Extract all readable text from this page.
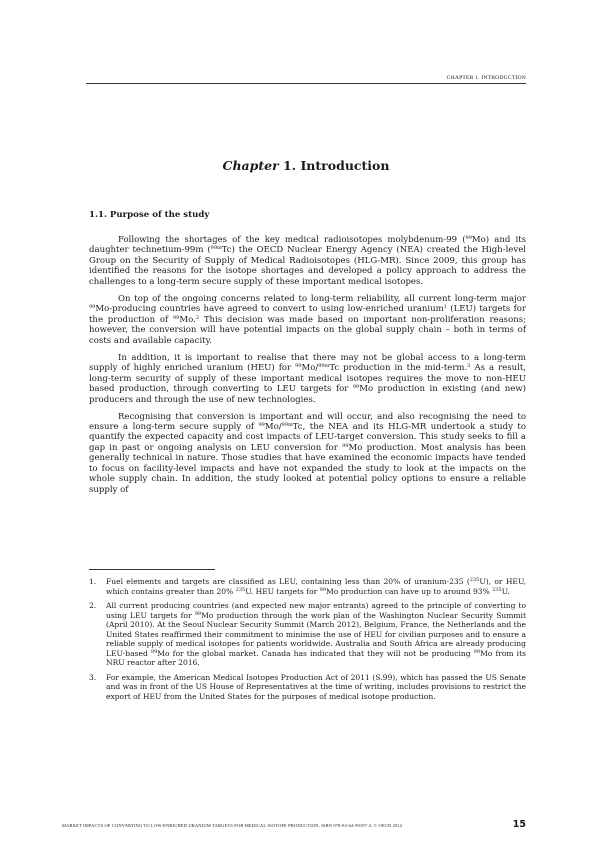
CHAPTER 1. INTRODUCTION
Chapter 1. Introduction
1.1. Purpose of the study

Following the shortages of the key medical radioisotopes molybdenum-99 ($^{99}$Mo) and its daughter technetium-99m ($^{99m}$Tc) the OECD Nuclear Energy Agency (NEA) created the High-level Group on the Security of Supply of Medical Radioisotopes (HLG-MR). Since 2009, this group has identified the reasons for the isotope shortages and developed a policy approach to address the challenges to a long-term secure supply of these important medical isotopes.

On top of the ongoing concerns related to long-term reliability, all current long-term major $^{99}$Mo-producing countries have agreed to convert to using low-enriched uranium$^1$ (LEU) targets for the production of $^{99}$Mo.$^2$ This decision was made based on important non-proliferation reasons; however, the conversion will have potential impacts on the global supply chain – both in terms of costs and available capacity.

In addition, it is important to realise that there may not be global access to a long-term supply of highly enriched uranium (HEU) for $^{99}$Mo/$^{99m}$Tc production in the mid-term.$^3$ As a result, long-term security of supply of these important medical isotopes requires the move to non-HEU based production, through converting to LEU targets for $^{99}$Mo production in existing (and new) producers and through the use of new technologies.

Recognising that conversion is important and will occur, and also recognising the need to ensure a long-term secure supply of $^{99}$Mo/$^{99m}$Tc, the NEA and its HLG-MR undertook a study to quantify the expected capacity and cost impacts of LEU-target conversion. This study seeks to fill a gap in past or ongoing analysis on LEU conversion for $^{99}$Mo production. Most analysis has been generally technical in nature. Those studies that have examined the economic impacts have tended to focus on facility-level impacts and have not expanded the study to look at the impacts on the whole supply chain. In addition, the study looked at potential policy options to ensure a reliable supply of

1.	Fuel elements and targets are classified as LEU, containing less than 20% of uranium-235 ($^{235}$U), or HEU, which contains greater than 20% $^{235}$U. HEU targets for $^{99}$Mo production can have up to around 93% $^{235}$U.
2.	All current producing countries (and expected new major entrants) agreed to the principle of converting to using LEU targets for $^{99}$Mo production through the work plan of the Washington Nuclear Security Summit (April 2010). At the Seoul Nuclear Security Summit (March 2012), Belgium, France, the Netherlands and the United States reaffirmed their commitment to minimise the use of HEU for civilian purposes and to ensure a reliable supply of medical isotopes for patients worldwide. Australia and South Africa are already producing LEU-based $^{99}$Mo for the global market. Canada has indicated that they will not be producing $^{99}$Mo from its NRU reactor after 2016.
3.	For example, the American Medical Isotopes Production Act of 2011 (S.99), which has passed the US Senate and was in front of the US House of Representatives at the time of writing, includes provisions to restrict the export of HEU from the United States for the purposes of medical isotope production.
MARKET IMPACTS OF CONVERTING TO LOW-ENRICHED URANIUM TARGETS FOR MEDICAL ISOTOPE PRODUCTION, ISBN 978-92-64-99197-2, © OECD 2012	15
